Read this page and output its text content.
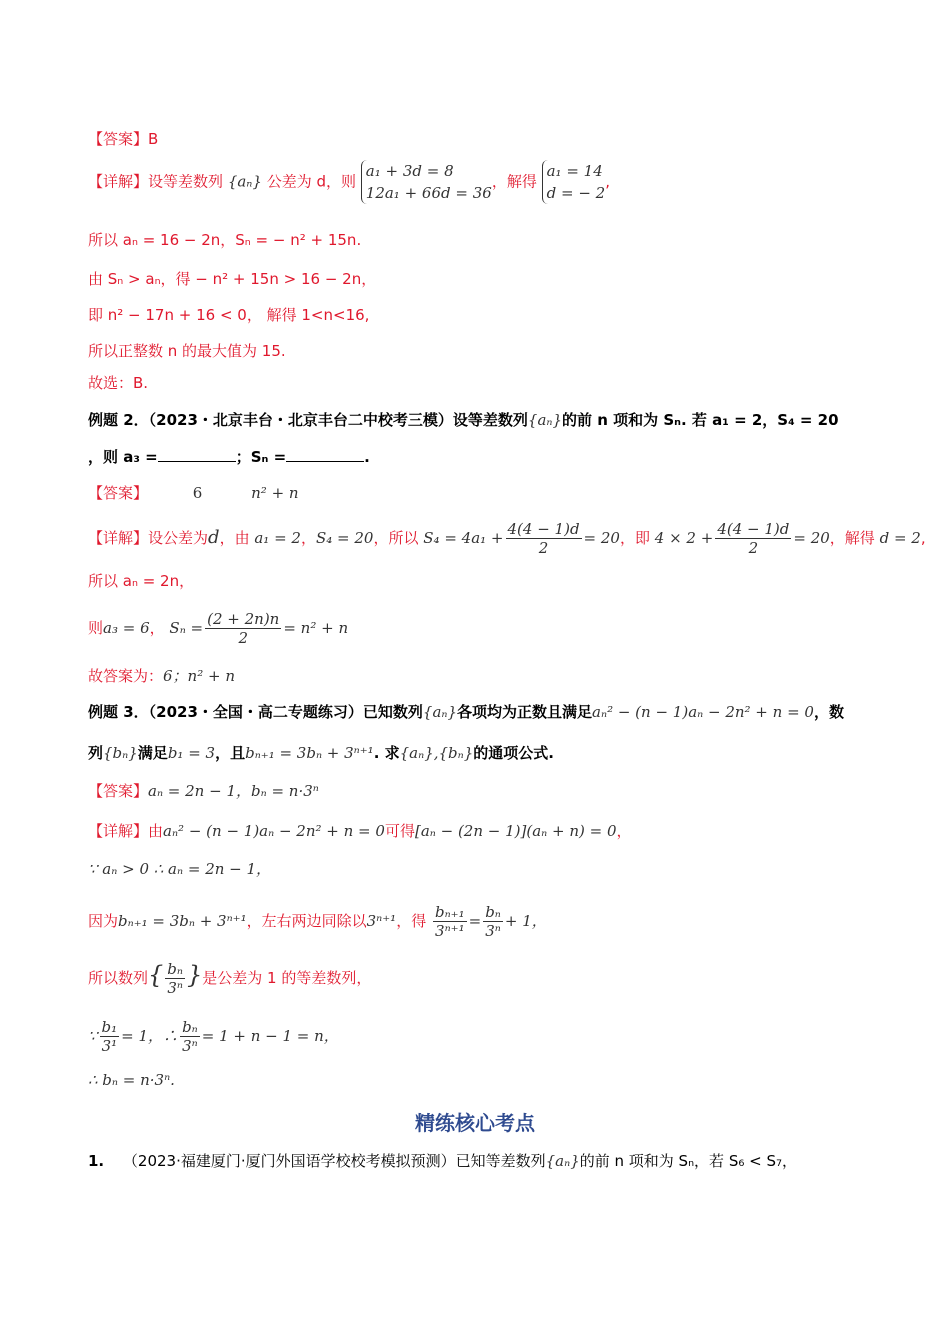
【答案】B
【详解】设等差数列 {aₙ} 公差为 d，则 a₁ + 3d = 8
12a₁ + 66d = 36，解得 a₁ = 14
d = − 2,
所以 aₙ = 16 − 2n，Sₙ = − n² + 15n.
由 Sₙ > aₙ，得 − n² + 15n > 16 − 2n，
即 n² − 17n + 16 < 0， 解得 1<n<16,
所以正整数 n 的最大值为 15.
故选：B.
例题 2．（2023・北京丰台・北京丰台二中校考三模）设等差数列{aₙ}的前 n 项和为 Sₙ. 若 a₁ = 2，S₄ = 20
，则 a₃ =	；Sₙ =	.
【答案】	6	n² + n
【详解】设公差为d，由 a₁ = 2，S₄ = 20，所以 $S_4 = 4a_1 + \frac{4(4 - 1)d}{2} = 20$，即 $4 \times 2 + \frac{4(4 - 1)d}{2} = 20$，解得 d = 2,
所以 aₙ = 2n，
则a₃ = 6， $S_n = \frac{(2 + 2n)n}{2} = n^2 + n$
故答案为：6；n² + n
例题 3．（2023・全国・高二专题练习）已知数列{aₙ}各项均为正数且满足aₙ² − (n − 1)aₙ − 2n² + n = 0，数
列{bₙ}满足b₁ = 3，且bₙ₊₁ = 3bₙ + 3ⁿ⁺¹. 求{aₙ},{bₙ}的通项公式.
【答案】aₙ = 2n − 1，bₙ = n·3ⁿ
【详解】由aₙ² − (n − 1)aₙ − 2n² + n = 0可得[aₙ − (2n − 1)](aₙ + n) = 0，
∵ aₙ > 0 ∴ aₙ = 2n − 1，
因为bₙ₊₁ = 3bₙ + 3ⁿ⁺¹，左右两边同除以3ⁿ⁺¹，得 $\frac{\text{bₙ₊₁}}{\text{3ⁿ⁺¹}} = \frac{\text{bₙ}}{\text{3ⁿ}} + 1$，
所以数列{ $\frac{\text{bₙ}}{\text{3ⁿ}}$ }是公差为 1 的等差数列，
∵ $\frac{\text{b₁}}{\text{3¹}} = 1$，∴ $\frac{\text{bₙ}}{\text{3ⁿ}} = 1 + n - 1 = n$，
∴ bₙ = n·3ⁿ.
精练核心考点
1. （2023·福建厦门·厦门外国语学校校考模拟预测）已知等差数列{aₙ}的前 n 项和为 Sₙ，若 S₆ < S₇，
